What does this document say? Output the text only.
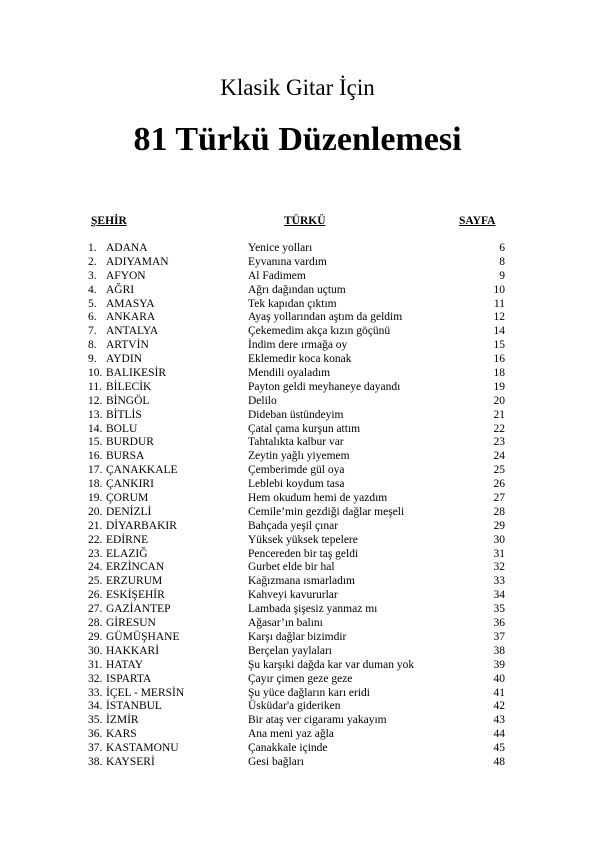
Klasik Gitar İçin
81 Türkü Düzenlemesi
ŞEHİR	TÜRKÜ	SAYFA
1. ADANA	Yenice yolları	6
2. ADIYAMAN	Eyvanına vardım	8
3. AFYON	Al Fadimem	9
4. AĞRI	Ağrı dağından uçtum	10
5. AMASYA	Tek kapıdan çıktım	11
6. ANKARA	Ayaş yollarından aştım da geldim	12
7. ANTALYA	Çekemedim akça kızın göçünü	14
8. ARTVİN	İndim dere ırmağa oy	15
9. AYDIN	Eklemedir koca konak	16
10. BALIKESİR	Mendili oyaladım	18
11. BİLECİK	Payton geldi meyhaneye dayandı	19
12. BİNGÖL	Delilo	20
13. BİTLİS	Dideban üstündeyim	21
14. BOLU	Çatal çama kurşun attım	22
15. BURDUR	Tahtalıkta kalbur var	23
16. BURSA	Zeytin yağlı yiyemem	24
17. ÇANAKKALE	Çemberimde gül oya	25
18. ÇANKIRI	Leblebi koydum tasa	26
19. ÇORUM	Hem okudum hemi de yazdım	27
20. DENİZLİ	Cemile’min gezdiği dağlar meşeli	28
21. DİYARBAKIR	Bahçada yeşil çınar	29
22. EDİRNE	Yüksek yüksek tepelere	30
23. ELAZIĞ	Pencereden bir taş geldi	31
24. ERZİNCAN	Gurbet elde bir hal	32
25. ERZURUM	Kağızmana ısmarladım	33
26. ESKİŞEHİR	Kahveyi kavururlar	34
27. GAZİANTEP	Lambada şişesiz yanmaz mı	35
28. GİRESUN	Ağasar’ın balını	36
29. GÜMÜŞHANE	Karşı dağlar bizimdir	37
30. HAKKARİ	Berçelan yaylaları	38
31. HATAY	Şu karşıki dağda kar var duman yok	39
32. ISPARTA	Çayır çimen geze geze	40
33. İÇEL - MERSİN	Şu yüce dağların karı eridi	41
34. İSTANBUL	Üsküdar'a gideriken	42
35. İZMİR	Bir ataş ver cigaramı yakayım	43
36. KARS	Ana meni yaz ağla	44
37. KASTAMONU	Çanakkale içinde	45
38. KAYSERİ	Gesi bağları	48
